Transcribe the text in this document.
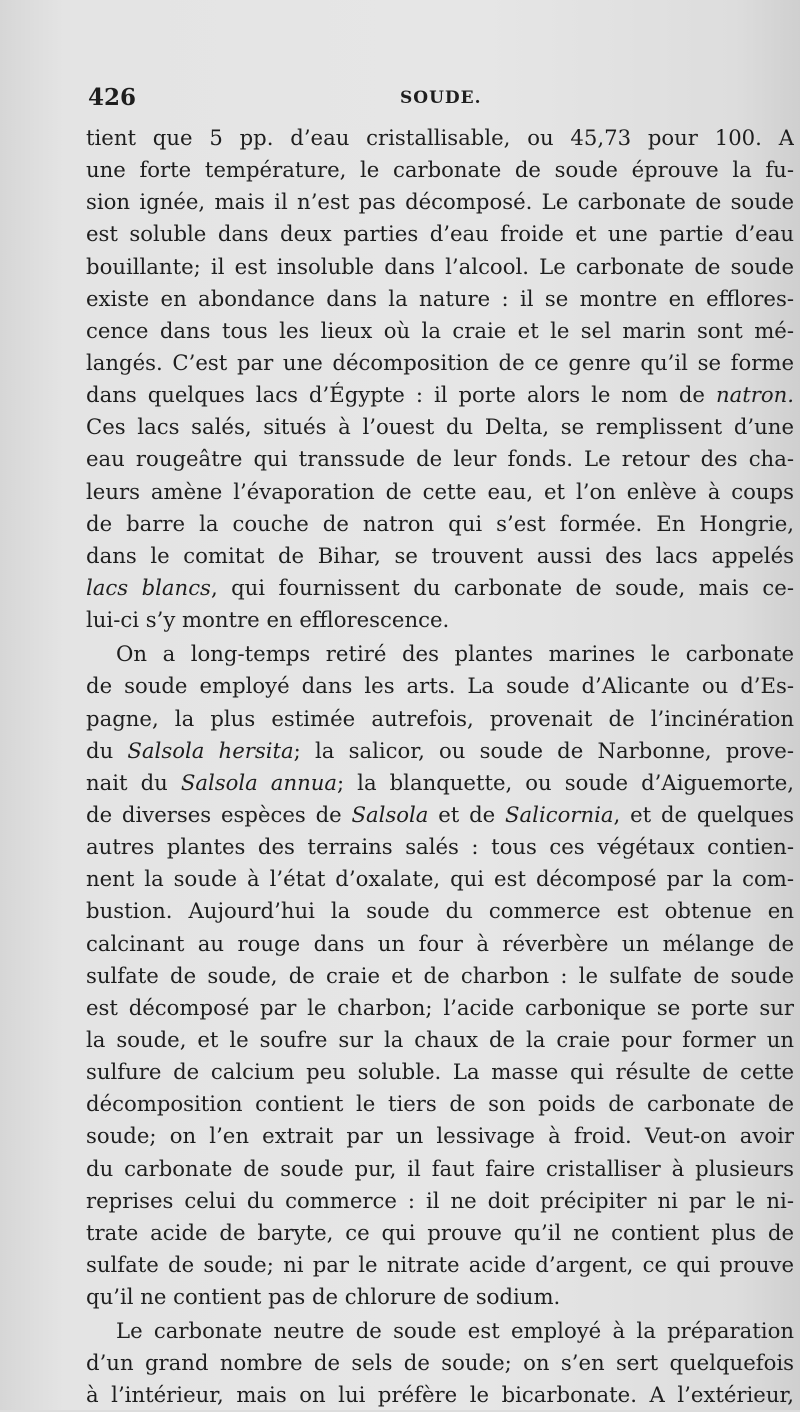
426	SOUDE.
tient que 5 pp. d’eau cristallisable, ou 45,73 pour 100. A
une forte température, le carbonate de soude éprouve la fu-
sion ignée, mais il n’est pas décomposé. Le carbonate de soude
est soluble dans deux parties d’eau froide et une partie d’eau
bouillante; il est insoluble dans l’alcool. Le carbonate de soude
existe en abondance dans la nature : il se montre en efflores-
cence dans tous les lieux où la craie et le sel marin sont mé-
langés. C’est par une décomposition de ce genre qu’il se forme
dans quelques lacs d’Égypte : il porte alors le nom de natron.
Ces lacs salés, situés à l’ouest du Delta, se remplissent d’une
eau rougeâtre qui transsude de leur fonds. Le retour des cha-
leurs amène l’évaporation de cette eau, et l’on enlève à coups
de barre la couche de natron qui s’est formée. En Hongrie,
dans le comitat de Bihar, se trouvent aussi des lacs appelés
lacs blancs, qui fournissent du carbonate de soude, mais ce-
lui-ci s’y montre en efflorescence.
On a long-temps retiré des plantes marines le carbonate
de soude employé dans les arts. La soude d’Alicante ou d’Es-
pagne, la plus estimée autrefois, provenait de l’incinération
du Salsola hersita; la salicor, ou soude de Narbonne, prove-
nait du Salsola annua; la blanquette, ou soude d’Aiguemorte,
de diverses espèces de Salsola et de Salicornia, et de quelques
autres plantes des terrains salés : tous ces végétaux contien-
nent la soude à l’état d’oxalate, qui est décomposé par la com-
bustion. Aujourd’hui la soude du commerce est obtenue en
calcinant au rouge dans un four à réverbère un mélange de
sulfate de soude, de craie et de charbon : le sulfate de soude
est décomposé par le charbon; l’acide carbonique se porte sur
la soude, et le soufre sur la chaux de la craie pour former un
sulfure de calcium peu soluble. La masse qui résulte de cette
décomposition contient le tiers de son poids de carbonate de
soude; on l’en extrait par un lessivage à froid. Veut-on avoir
du carbonate de soude pur, il faut faire cristalliser à plusieurs
reprises celui du commerce : il ne doit précipiter ni par le ni-
trate acide de baryte, ce qui prouve qu’il ne contient plus de
sulfate de soude; ni par le nitrate acide d’argent, ce qui prouve
qu’il ne contient pas de chlorure de sodium.
Le carbonate neutre de soude est employé à la préparation
d’un grand nombre de sels de soude; on s’en sert quelquefois
à l’intérieur, mais on lui préfère le bicarbonate. A l’extérieur,
